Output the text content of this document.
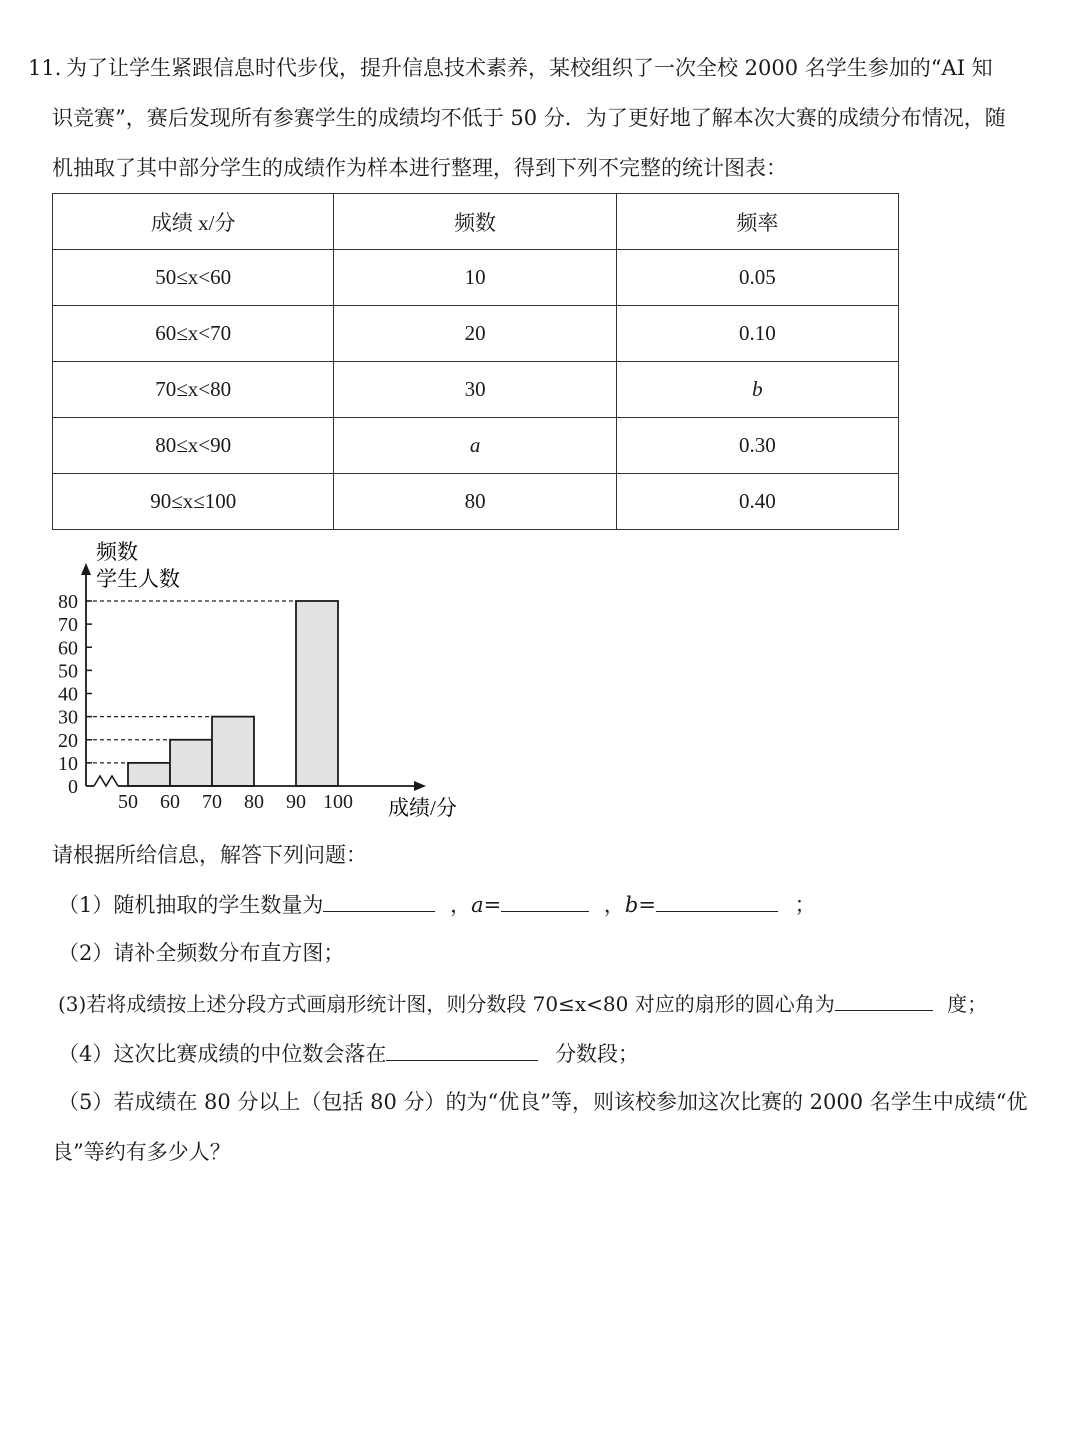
11. 为了让学生紧跟信息时代步伐，提升信息技术素养，某校组织了一次全校 2000 名学生参加的“AI 知
识竞赛”，赛后发现所有参赛学生的成绩均不低于 50 分．为了更好地了解本次大赛的成绩分布情况，随
机抽取了其中部分学生的成绩作为样本进行整理，得到下列不完整的统计图表：
成绩 x/分	频数	频率
50≤x<60	10	0.05
60≤x<70	20	0.10
70≤x<80	30	b
80≤x<90	a	0.30
90≤x≤100	80	0.40
频数
学生人数
0
10
20
30
40
50
60
70
80
50 60 70 80 90 100 成绩/分
请根据所给信息，解答下列问题：
（1）随机抽取的学生数量为	，a=	，b=	；
（2）请补全频数分布直方图；
(3)若将成绩按上述分段方式画扇形统计图，则分数段 70≤x<80 对应的扇形的圆心角为	度；
（4）这次比赛成绩的中位数会落在	分数段；
（5）若成绩在 80 分以上（包括 80 分）的为“优良”等，则该校参加这次比赛的 2000 名学生中成绩“优
良”等约有多少人？
